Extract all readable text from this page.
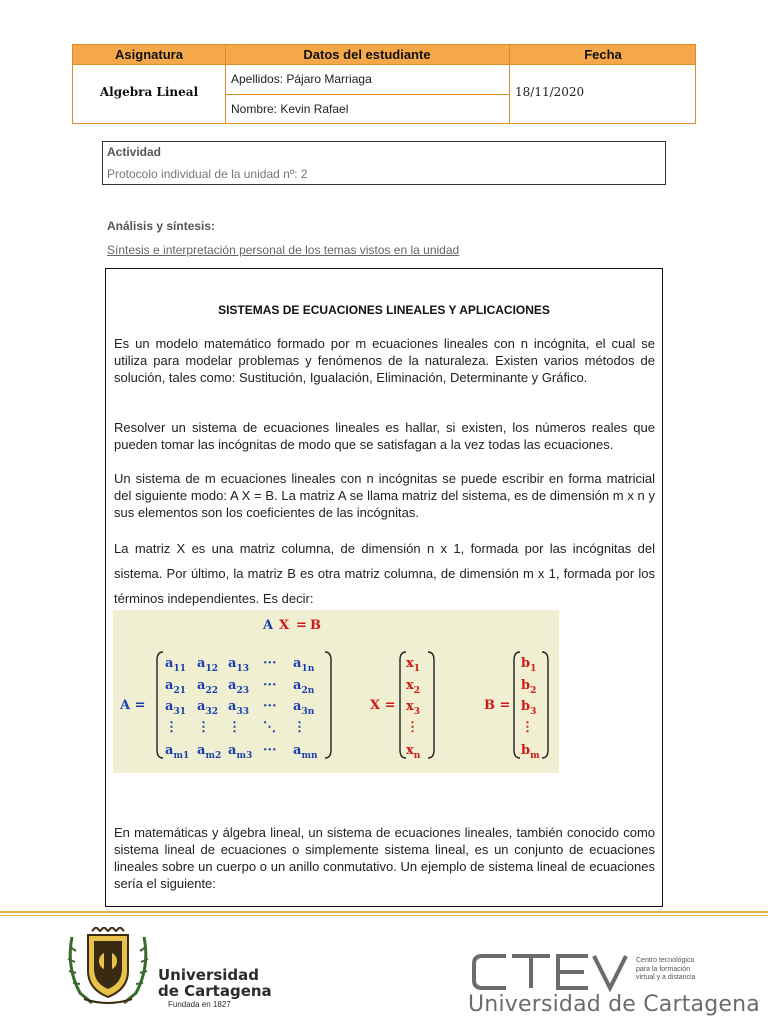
Asignatura	Datos del estudiante	Fecha
Algebra Lineal
Apellidos: Pájaro Marriaga
Nombre: Kevin Rafael
18/11/2020
Actividad
Protocolo individual de la unidad nº: 2
Análisis y síntesis:
Síntesis e interpretación personal de los temas vistos en la unidad
SISTEMAS DE ECUACIONES LINEALES Y APLICACIONES
Es un modelo matemático formado por m ecuaciones lineales con n incógnita, el cual se utiliza para modelar problemas y fenómenos de la naturaleza. Existen varios métodos de solución, tales como: Sustitución, Igualación, Eliminación, Determinante y Gráfico.
Resolver un sistema de ecuaciones lineales es hallar, si existen, los números reales que pueden tomar las incógnitas de modo que se satisfagan a la vez todas las ecuaciones.
Un sistema de m ecuaciones lineales con n incógnitas se puede escribir en forma matricial del siguiente modo: A X = B. La matriz A se llama matriz del sistema, es de dimensión m x n y sus elementos son los coeficientes de las incógnitas.
La matriz X es una matriz columna, de dimensión n x 1, formada por las incógnitas del sistema. Por último, la matriz B es otra matriz columna, de dimensión m x 1, formada por los términos independientes. Es decir:
A X = B
A =
$a_{11}$ $a_{12}$ $a_{13}$ ··· $a_{1n}$
$a_{21}$ $a_{22}$ $a_{23}$ ··· $a_{2n}$
$a_{31}$ $a_{32}$ $a_{33}$ ··· $a_{3n}$
⋮ ⋮ ⋮ ⋱ ⋮
$a_{m1}$ $a_{m2}$ $a_{m3}$ ··· $a_{mn}$
X =
$x_1$
$x_2$
$x_3$
⋮
$x_n$
B =
$b_1$
$b_2$
$b_3$
⋮
$b_m$
En matemáticas y álgebra lineal, un sistema de ecuaciones lineales, también conocido como sistema lineal de ecuaciones o simplemente sistema lineal, es un conjunto de ecuaciones lineales sobre un cuerpo o un anillo conmutativo. Un ejemplo de sistema lineal de ecuaciones sería el siguiente:
Universidad
de Cartagena
Fundada en 1827
Centro tecnológico
para la formación
virtual y a distancia
Universidad de Cartagena
